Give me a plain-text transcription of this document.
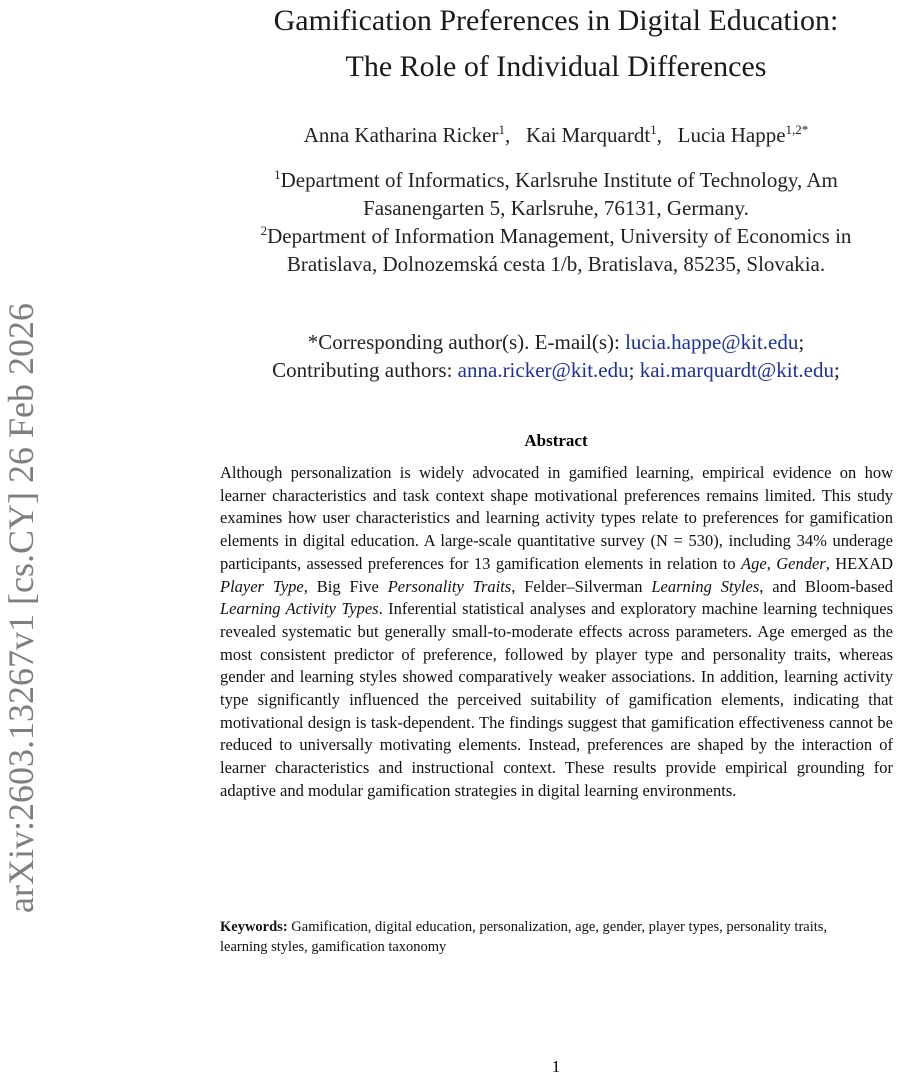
arXiv:2603.13267v1 [cs.CY] 26 Feb 2026
Gamification Preferences in Digital Education:
The Role of Individual Differences
Anna Katharina Ricker$^1$,   Kai Marquardt$^1$,   Lucia Happe$^{1,2*}$
$^1$Department of Informatics, Karlsruhe Institute of Technology, Am
Fasanengarten 5, Karlsruhe, 76131, Germany.
$^2$Department of Information Management, University of Economics in
Bratislava, Dolnozemská cesta 1/b, Bratislava, 85235, Slovakia.
*Corresponding author(s). E-mail(s): lucia.happe@kit.edu;
Contributing authors: anna.ricker@kit.edu; kai.marquardt@kit.edu;
Abstract
Although personalization is widely advocated in gamified learning, empirical evidence on how learner characteristics and task context shape motivational preferences remains limited. This study examines how user characteristics and learning activity types relate to preferences for gamification elements in digital education. A large-scale quantitative survey (N = 530), including 34% underage participants, assessed preferences for 13 gamification elements in relation to Age, Gender, HEXAD Player Type, Big Five Personality Traits, Felder–Silverman Learning Styles, and Bloom-based Learning Activity Types. Inferential statistical analyses and exploratory machine learning techniques revealed systematic but generally small-to-moderate effects across parameters. Age emerged as the most consistent predictor of preference, followed by player type and personality traits, whereas gender and learning styles showed comparatively weaker associations. In addition, learning activity type significantly influenced the perceived suitability of gamification elements, indicating that motivational design is task-dependent. The findings suggest that gamification effectiveness cannot be reduced to universally motivating elements. Instead, preferences are shaped by the interaction of learner characteristics and instructional context. These results provide empirical grounding for adaptive and modular gamification strategies in digital learning environments.
Keywords: Gamification, digital education, personalization, age, gender, player types, personality traits, learning styles, gamification taxonomy
1
